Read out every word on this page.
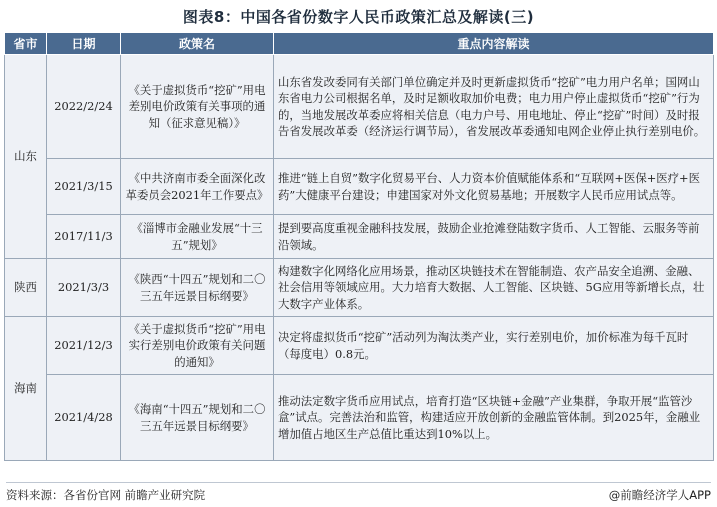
图表8：中国各省份数字人民币政策汇总及解读(三)
省市	日期	政策名	重点内容解读
山东	2022/2/24	《关于虚拟货币“挖矿”用电差别电价政策有关事项的通知（征求意见稿）》	山东省发改委同有关部门单位确定并及时更新虚拟货币“挖矿”电力用户名单；国网山东省电力公司根据名单，及时足额收取加价电费；电力用户停止虚拟货币“挖矿”行为的，当地发展改革委应将相关信息（电力户号、用电地址、停止“挖矿”时间）及时报告省发展改革委（经济运行调节局），省发展改革委通知电网企业停止执行差别电价。
	2021/3/15	《中共济南市委全面深化改革委员会2021年工作要点》	推进“链上自贸”数字化贸易平台、人力资本价值赋能体系和“互联网+医保+医疗+医药”大健康平台建设；申建国家对外文化贸易基地；开展数字人民币应用试点等。
	2017/11/3	《淄博市金融业发展“十三五”规划》	提到要高度重视金融科技发展，鼓励企业抢滩登陆数字货币、人工智能、云服务等前沿领域。
陕西	2021/3/3	《陕西“十四五”规划和二〇三五年远景目标纲要》	构建数字化网络化应用场景，推动区块链技术在智能制造、农产品安全追溯、金融、社会信用等领域应用。大力培育大数据、人工智能、区块链、5G应用等新增长点，壮大数字产业体系。
海南	2021/12/3	《关于虚拟货币“挖矿”用电实行差别电价政策有关问题的通知》	决定将虚拟货币“挖矿”活动列为淘汰类产业，实行差别电价，加价标准为每千瓦时（每度电）0.8元。
	2021/4/28	《海南“十四五”规划和二〇三五年远景目标纲要》	推动法定数字货币应用试点，培育打造“区块链+金融”产业集群，争取开展“监管沙盒”试点。完善法治和监管，构建适应开放创新的金融监管体制。到2025年，金融业增加值占地区生产总值比重达到10%以上。
资料来源：各省份官网 前瞻产业研究院	@前瞻经济学人APP
